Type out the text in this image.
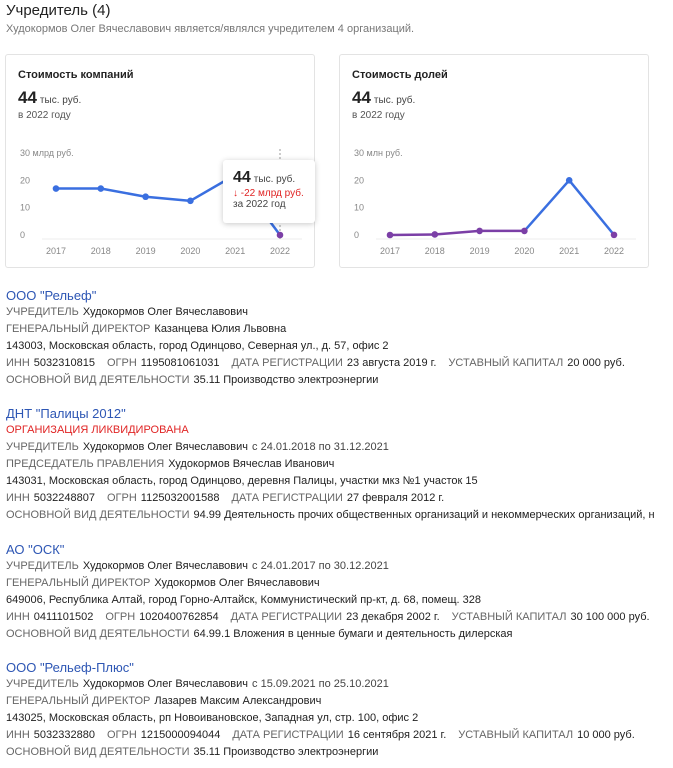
Учредитель (4)
Худокормов Олег Вячеславович является/являлся учредителем 4 организаций.
30 млрд руб.
0
10
20
2017	2018	2019	2020	2021	2022
Стоимость компаний
44 тыс. руб.
в 2022 году
30 млн руб.
0
10
20
2017	2018	2019	2020	2021	2022
Стоимость долей
44 тыс. руб.
в 2022 году
44 тыс. руб.
↓ -22 млрд руб.
за 2022 год
ООО "Рельеф"
УЧРЕДИТЕЛЬ Худокормов Олег Вячеславович
ГЕНЕРАЛЬНЫЙ ДИРЕКТОР Казанцева Юлия Львовна
143003, Московская область, город Одинцово, Северная ул., д. 57, офис 2
ИНН 5032310815 ОГРН 1195081061031 ДАТА РЕГИСТРАЦИИ 23 августа 2019 г. УСТАВНЫЙ КАПИТАЛ 20 000 руб.
ОСНОВНОЙ ВИД ДЕЯТЕЛЬНОСТИ 35.11 Производство электроэнергии
ДНТ "Палицы 2012"
ОРГАНИЗАЦИЯ ЛИКВИДИРОВАНА
УЧРЕДИТЕЛЬ Худокормов Олег Вячеславович с 24.01.2018 по 31.12.2021
ПРЕДСЕДАТЕЛЬ ПРАВЛЕНИЯ Худокормов Вячеслав Иванович
143031, Московская область, город Одинцово, деревня Палицы, участки мкз №1 участок 15
ИНН 5032248807 ОГРН 1125032001588 ДАТА РЕГИСТРАЦИИ 27 февраля 2012 г.
ОСНОВНОЙ ВИД ДЕЯТЕЛЬНОСТИ 94.99 Деятельность прочих общественных организаций и некоммерческих организаций, н
АО "ОСК"
УЧРЕДИТЕЛЬ Худокормов Олег Вячеславович с 24.01.2017 по 30.12.2021
ГЕНЕРАЛЬНЫЙ ДИРЕКТОР Худокормов Олег Вячеславович
649006, Республика Алтай, город Горно-Алтайск, Коммунистический пр-кт, д. 68, помещ. 328
ИНН 0411101502 ОГРН 1020400762854 ДАТА РЕГИСТРАЦИИ 23 декабря 2002 г. УСТАВНЫЙ КАПИТАЛ 30 100 000 руб.
ОСНОВНОЙ ВИД ДЕЯТЕЛЬНОСТИ 64.99.1 Вложения в ценные бумаги и деятельность дилерская
ООО "Рельеф-Плюс"
УЧРЕДИТЕЛЬ Худокормов Олег Вячеславович с 15.09.2021 по 25.10.2021
ГЕНЕРАЛЬНЫЙ ДИРЕКТОР Лазарев Максим Александрович
143025, Московская область, рп Новоивановское, Западная ул, стр. 100, офис 2
ИНН 5032332880 ОГРН 1215000094044 ДАТА РЕГИСТРАЦИИ 16 сентября 2021 г. УСТАВНЫЙ КАПИТАЛ 10 000 руб.
ОСНОВНОЙ ВИД ДЕЯТЕЛЬНОСТИ 35.11 Производство электроэнергии
